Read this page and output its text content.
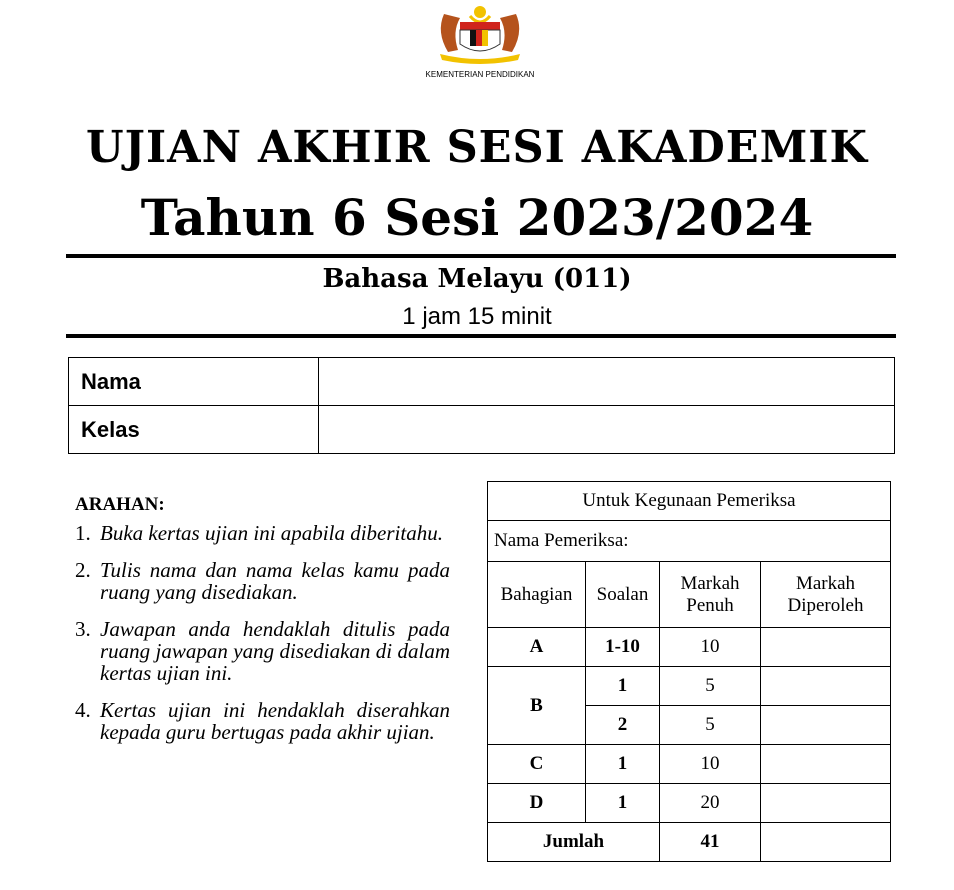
KEMENTERIAN PENDIDIKAN
UJIAN AKHIR SESI AKADEMIK
Tahun 6 Sesi 2023/2024
Bahasa Melayu (011)
1 jam 15 minit
Nama	
Kelas	
ARAHAN:
1. Buka kertas ujian ini apabila diberitahu.
2. Tulis nama dan nama kelas kamu pada ruang yang disediakan.
3. Jawapan anda hendaklah ditulis pada ruang jawapan yang disediakan di dalam kertas ujian ini.
4. Kertas ujian ini hendaklah diserahkan kepada guru bertugas pada akhir ujian.
Untuk Kegunaan Pemeriksa			
Nama Pemeriksa:			
Bahagian	Soalan	Markah Penuh	Markah Diperoleh
A	1-10	10	
B	1	5	
	2	5	
C	1	10	
D	1	20	
Jumlah		41	
